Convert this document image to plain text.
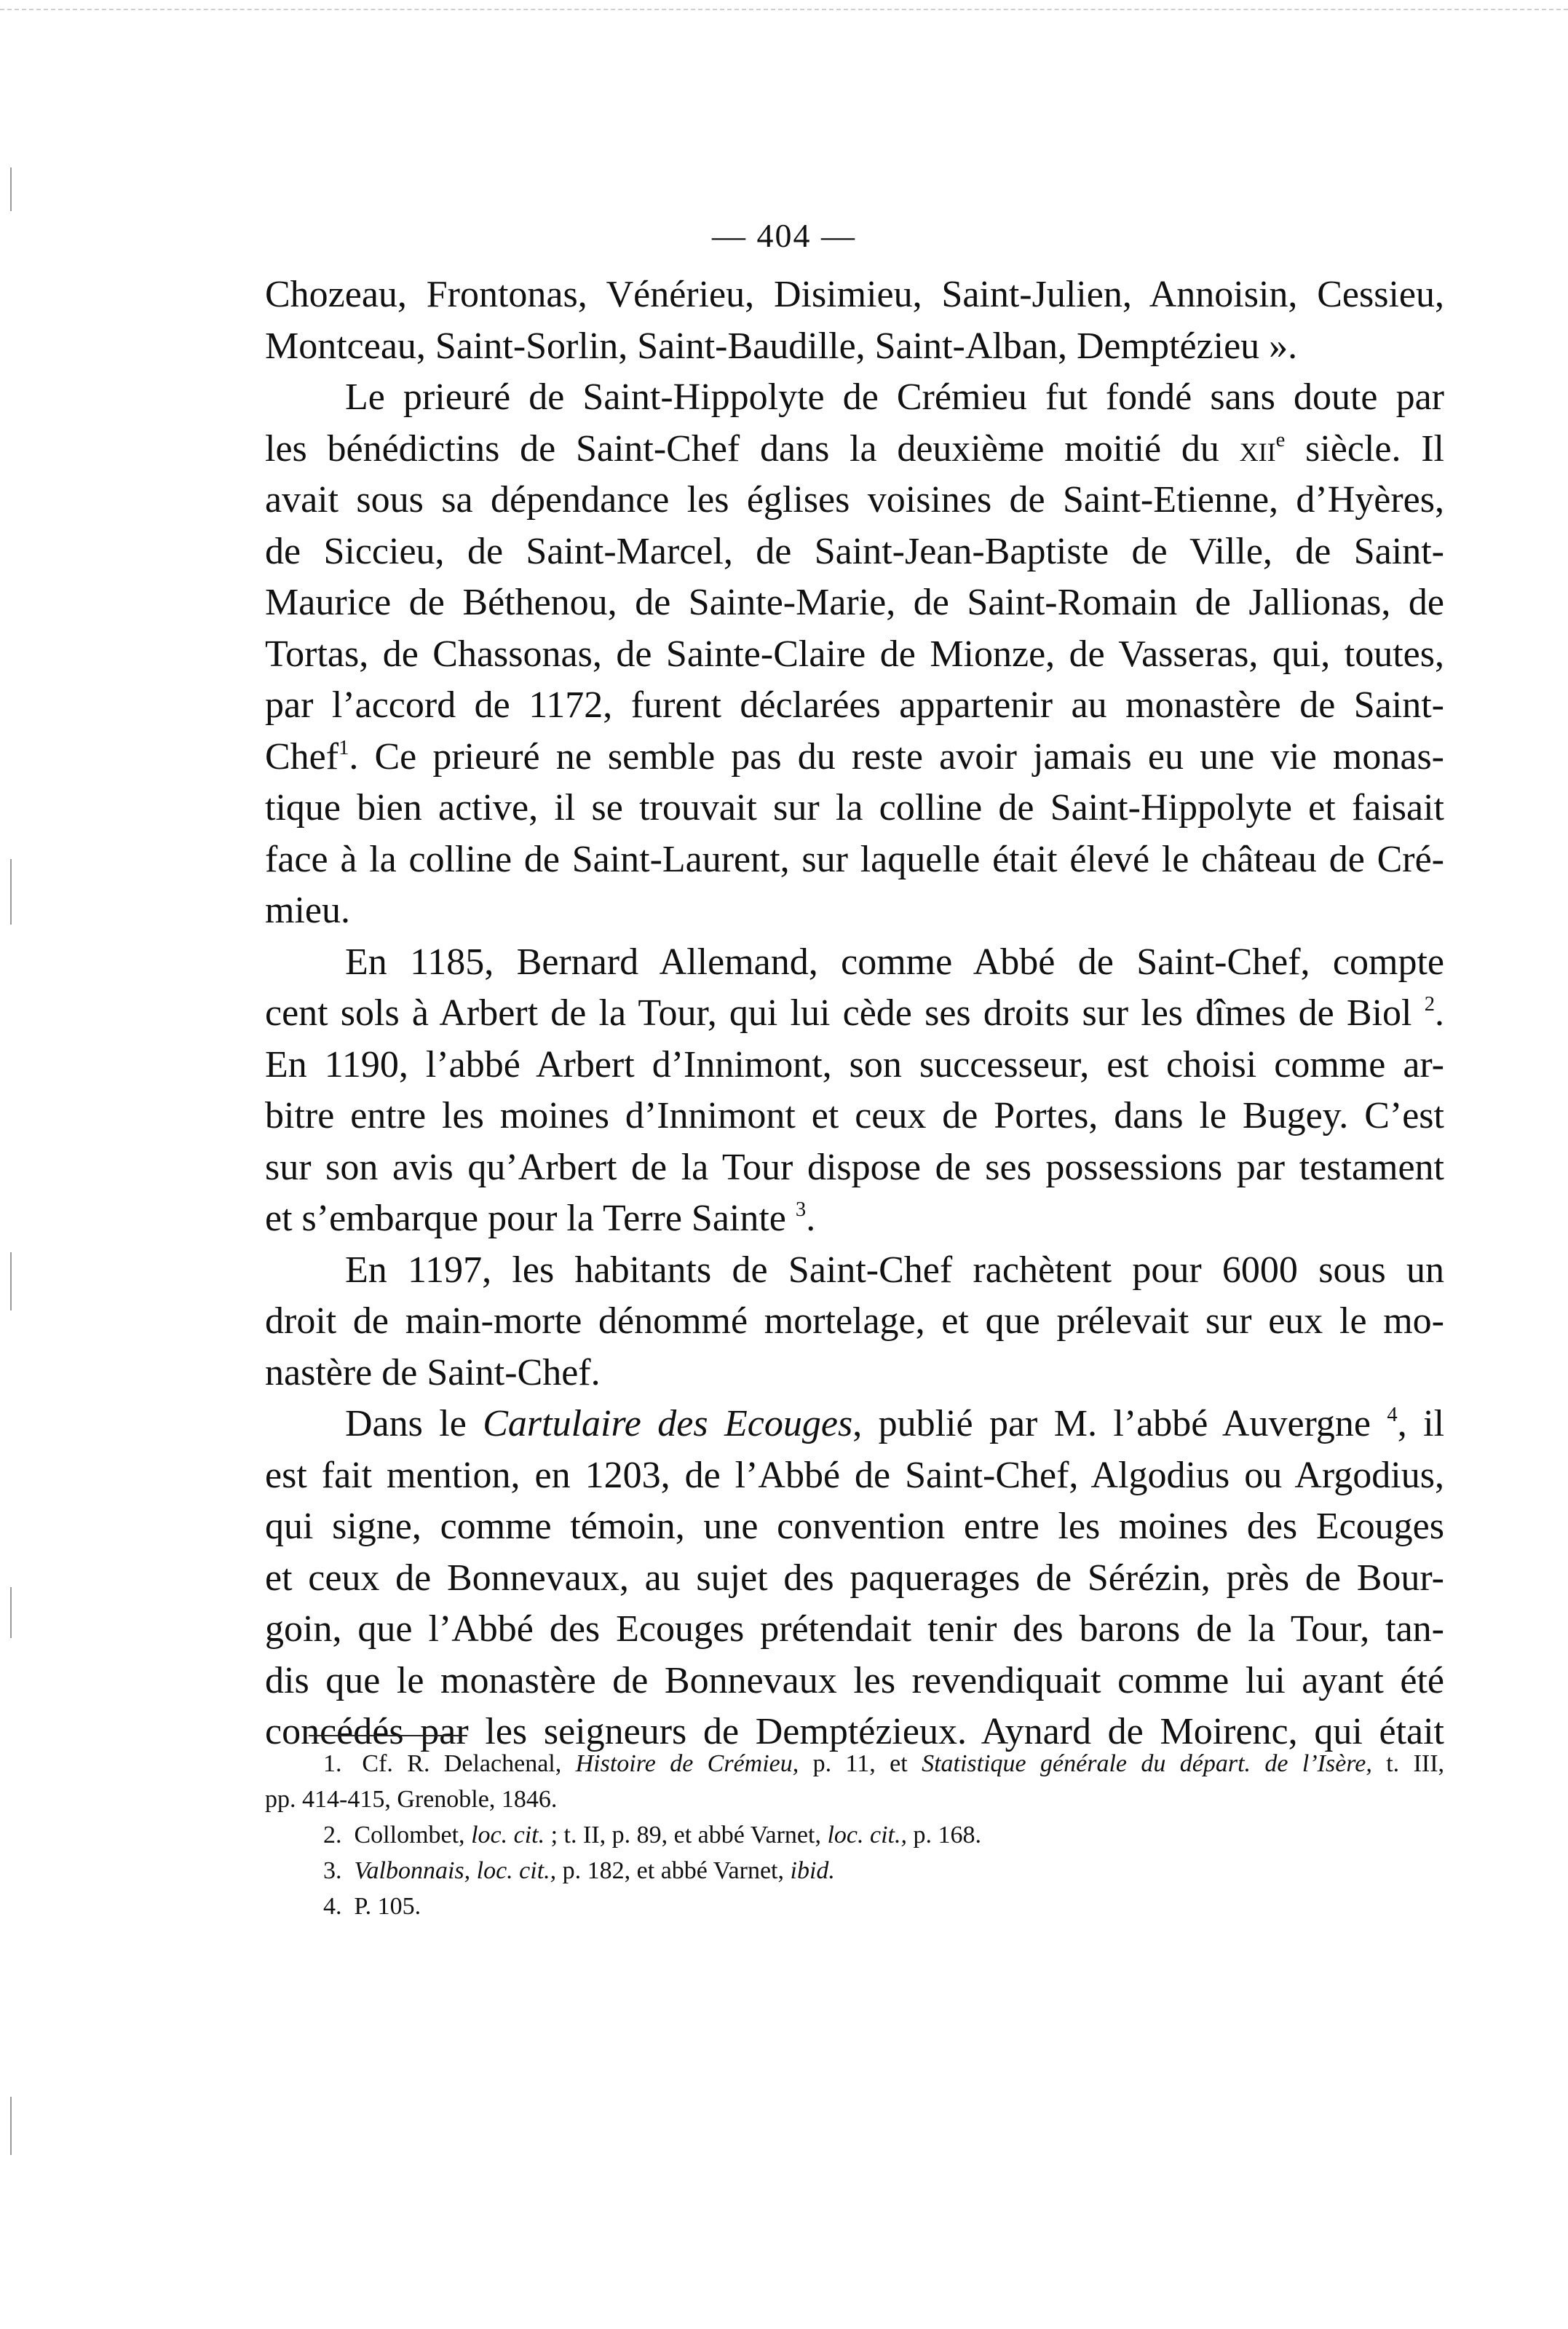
— 404 —
Chozeau, Frontonas, Vénérieu, Disimieu, Saint-Julien, Annoisin, Cessieu,
Montceau, Saint-Sorlin, Saint-Baudille, Saint-Alban, Demptézieu ».
Le prieuré de Saint-Hippolyte de Crémieu fut fondé sans doute par
les bénédictins de Saint-Chef dans la deuxième moitié du xii$^e$ siècle. Il
avait sous sa dépendance les églises voisines de Saint-Etienne, d’Hyères,
de Siccieu, de Saint-Marcel, de Saint-Jean-Baptiste de Ville, de Saint-
Maurice de Béthenou, de Sainte-Marie, de Saint-Romain de Jallionas, de
Tortas, de Chassonas, de Sainte-Claire de Mionze, de Vasseras, qui, toutes,
par l’accord de 1172, furent déclarées appartenir au monastère de Saint-
Chef$^1$. Ce prieuré ne semble pas du reste avoir jamais eu une vie monas-
tique bien active, il se trouvait sur la colline de Saint-Hippolyte et faisait
face à la colline de Saint-Laurent, sur laquelle était élevé le château de Cré-
mieu.
En 1185, Bernard Allemand, comme Abbé de Saint-Chef, compte
cent sols à Arbert de la Tour, qui lui cède ses droits sur les dîmes de Biol $^2$.
En 1190, l’abbé Arbert d’Innimont, son successeur, est choisi comme ar-
bitre entre les moines d’Innimont et ceux de Portes, dans le Bugey. C’est
sur son avis qu’Arbert de la Tour dispose de ses possessions par testament
et s’embarque pour la Terre Sainte $^3$.
En 1197, les habitants de Saint-Chef rachètent pour 6000 sous un
droit de main-morte dénommé mortelage, et que prélevait sur eux le mo-
nastère de Saint-Chef.
Dans le Cartulaire des Ecouges, publié par M. l’abbé Auvergne $^4$, il
est fait mention, en 1203, de l’Abbé de Saint-Chef, Algodius ou Argodius,
qui signe, comme témoin, une convention entre les moines des Ecouges
et ceux de Bonnevaux, au sujet des paquerages de Sérézin, près de Bour-
goin, que l’Abbé des Ecouges prétendait tenir des barons de la Tour, tan-
dis que le monastère de Bonnevaux les revendiquait comme lui ayant été
concédés par les seigneurs de Demptézieux. Aynard de Moirenc, qui était
1. Cf. R. Delachenal, Histoire de Crémieu, p. 11, et Statistique générale du départ. de l’Isère, t. III,
pp. 414-415, Grenoble, 1846.
2. Collombet, loc. cit. ; t. II, p. 89, et abbé Varnet, loc. cit., p. 168.
3. Valbonnais, loc. cit., p. 182, et abbé Varnet, ibid.
4. P. 105.
